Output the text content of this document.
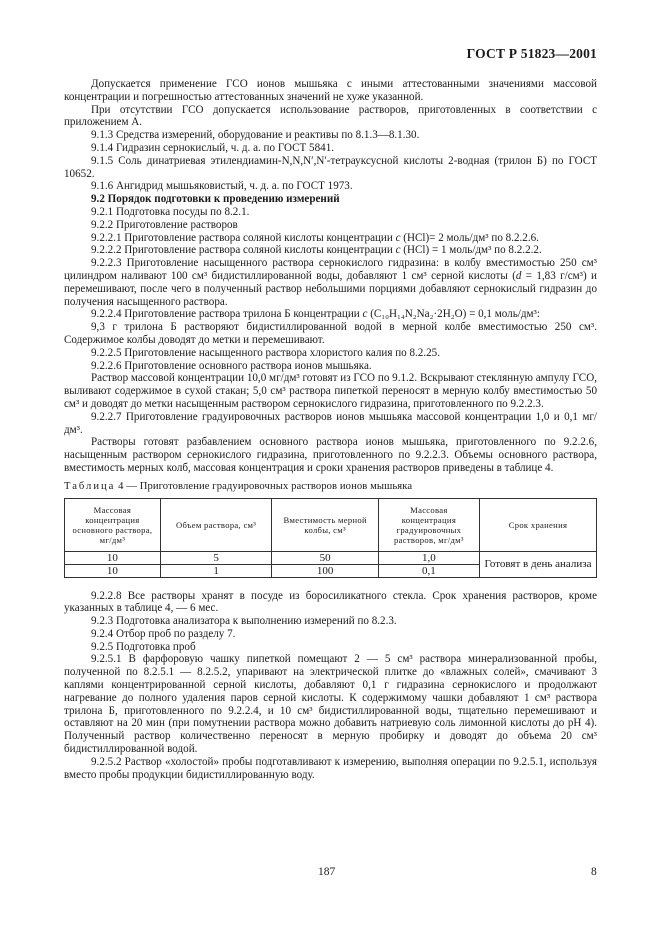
ГОСТ Р 51823—2001

Допускается применение ГСО ионов мышьяка с иными аттестованными значениями массовой концентрации и погрешностью аттестованных значений не хуже указанной.

При отсутствии ГСО допускается использование растворов, приготовленных в соответствии с приложением А.

9.1.3 Средства измерений, оборудование и реактивы по 8.1.3—8.1.30.

9.1.4 Гидразин сернокислый, ч. д. а. по ГОСТ 5841.

9.1.5 Соль динатриевая этилендиамин-N,N,N′,N′-тетрауксусной кислоты 2-водная (трилон Б) по ГОСТ 10652.

9.1.6 Ангидрид мышьяковистый, ч. д. а. по ГОСТ 1973.

9.2 Порядок подготовки к проведению измерений

9.2.1 Подготовка посуды по 8.2.1.

9.2.2 Приготовление растворов

9.2.2.1 Приготовление раствора соляной кислоты концентрации c (HCl)= 2 моль/дм³ по 8.2.2.6.

9.2.2.2 Приготовление раствора соляной кислоты концентрации c (HCl) = 1 моль/дм³ по 8.2.2.2.

9.2.2.3 Приготовление насыщенного раствора сернокислого гидразина: в колбу вместимостью 250 см³ цилиндром наливают 100 см³ бидистиллированной воды, добавляют 1 см³ серной кислоты (d = 1,83 г/см³) и перемешивают, после чего в полученный раствор небольшими порциями добавляют сернокислый гидразин до получения насыщенного раствора.

9.2.2.4 Приготовление раствора трилона Б концентрации c (C₁₀H₁₄N₂Na₂·2H₂O) = 0,1 моль/дм³:

9,3 г трилона Б растворяют бидистиллированной водой в мерной колбе вместимостью 250 см³. Содержимое колбы доводят до метки и перемешивают.

9.2.2.5 Приготовление насыщенного раствора хлористого калия по 8.2.25.

9.2.2.6 Приготовление основного раствора ионов мышьяка.

Раствор массовой концентрации 10,0 мг/дм³ готовят из ГСО по 9.1.2. Вскрывают стеклянную ампулу ГСО, выливают содержимое в сухой стакан; 5,0 см³ раствора пипеткой переносят в мерную колбу вместимостью 50 см³ и доводят до метки насыщенным раствором сернокислого гидразина, приготовленного по 9.2.2.3.

9.2.2.7 Приготовление градуировочных растворов ионов мышьяка массовой концентрации 1,0 и 0,1 мг/дм³.

Растворы готовят разбавлением основного раствора ионов мышьяка, приготовленного по 9.2.2.6, насыщенным раствором сернокислого гидразина, приготовленного по 9.2.2.3. Объемы основного раствора, вместимость мерных колб, массовая концентрация и сроки хранения растворов приведены в таблице 4.

Таблица 4 — Приготовление градуировочных растворов ионов мышьяка

Массовая концентрация основного раствора, мг/дм³	Объем раствора, см³	Вместимость мерной колбы, см³	Массовая концентрация градуировочных растворов, мг/дм³	Срок хранения
10	5	50	1,0	Готовят в день анализа
10	1	100	0,1	

9.2.2.8 Все растворы хранят в посуде из боросиликатного стекла. Срок хранения растворов, кроме указанных в таблице 4, — 6 мес.

9.2.3 Подготовка анализатора к выполнению измерений по 8.2.3.

9.2.4 Отбор проб по разделу 7.

9.2.5 Подготовка проб

9.2.5.1 В фарфоровую чашку пипеткой помещают 2 — 5 см³ раствора минерализованной пробы, полученной по 8.2.5.1 — 8.2.5.2, упаривают на электрической плитке до «влажных солей», смачивают 3 каплями концентрированной серной кислоты, добавляют 0,1 г гидразина сернокислого и продолжают нагревание до полного удаления паров серной кислоты. К содержимому чашки добавляют 1 см³ раствора трилона Б, приготовленного по 9.2.2.4, и 10 см³ бидистиллированной воды, тщательно перемешивают и оставляют на 20 мин (при помутнении раствора можно добавить натриевую соль лимонной кислоты до pH 4). Полученный раствор количественно переносят в мерную пробирку и доводят до объема 20 см³ бидистиллированной водой.

9.2.5.2 Раствор «холостой» пробы подготавливают к измерению, выполняя операции по 9.2.5.1, используя вместо пробы продукции бидистиллированную воду.

187	8
